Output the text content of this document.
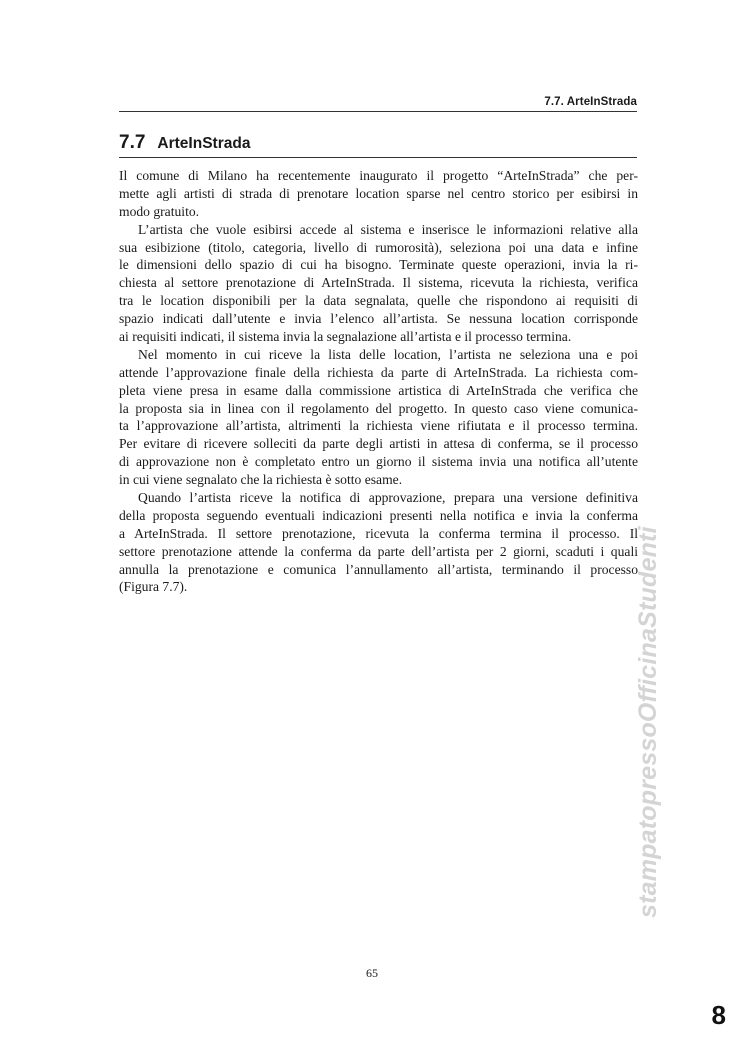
7.7. ArteInStrada
7.7 ArteInStrada
Il comune di Milano ha recentemente inaugurato il progetto “ArteInStrada” che per-
mette agli artisti di strada di prenotare location sparse nel centro storico per esibirsi in
modo gratuito.
L’artista che vuole esibirsi accede al sistema e inserisce le informazioni relative alla
sua esibizione (titolo, categoria, livello di rumorosità), seleziona poi una data e infine
le dimensioni dello spazio di cui ha bisogno. Terminate queste operazioni, invia la ri-
chiesta al settore prenotazione di ArteInStrada. Il sistema, ricevuta la richiesta, verifica
tra le location disponibili per la data segnalata, quelle che rispondono ai requisiti di
spazio indicati dall’utente e invia l’elenco all’artista. Se nessuna location corrisponde
ai requisiti indicati, il sistema invia la segnalazione all’artista e il processo termina.
Nel momento in cui riceve la lista delle location, l’artista ne seleziona una e poi
attende l’approvazione finale della richiesta da parte di ArteInStrada. La richiesta com-
pleta viene presa in esame dalla commissione artistica di ArteInStrada che verifica che
la proposta sia in linea con il regolamento del progetto. In questo caso viene comunica-
ta l’approvazione all’artista, altrimenti la richiesta viene rifiutata e il processo termina.
Per evitare di ricevere solleciti da parte degli artisti in attesa di conferma, se il processo
di approvazione non è completato entro un giorno il sistema invia una notifica all’utente
in cui viene segnalato che la richiesta è sotto esame.
Quando l’artista riceve la notifica di approvazione, prepara una versione definitiva
della proposta seguendo eventuali indicazioni presenti nella notifica e invia la conferma
a ArteInStrada. Il settore prenotazione, ricevuta la conferma termina il processo. Il
settore prenotazione attende la conferma da parte dell’artista per 2 giorni, scaduti i quali
annulla la prenotazione e comunica l’annullamento all’artista, terminando il processo
(Figura 7.7).
65
stampatopressoOfficinaStudenti
8
